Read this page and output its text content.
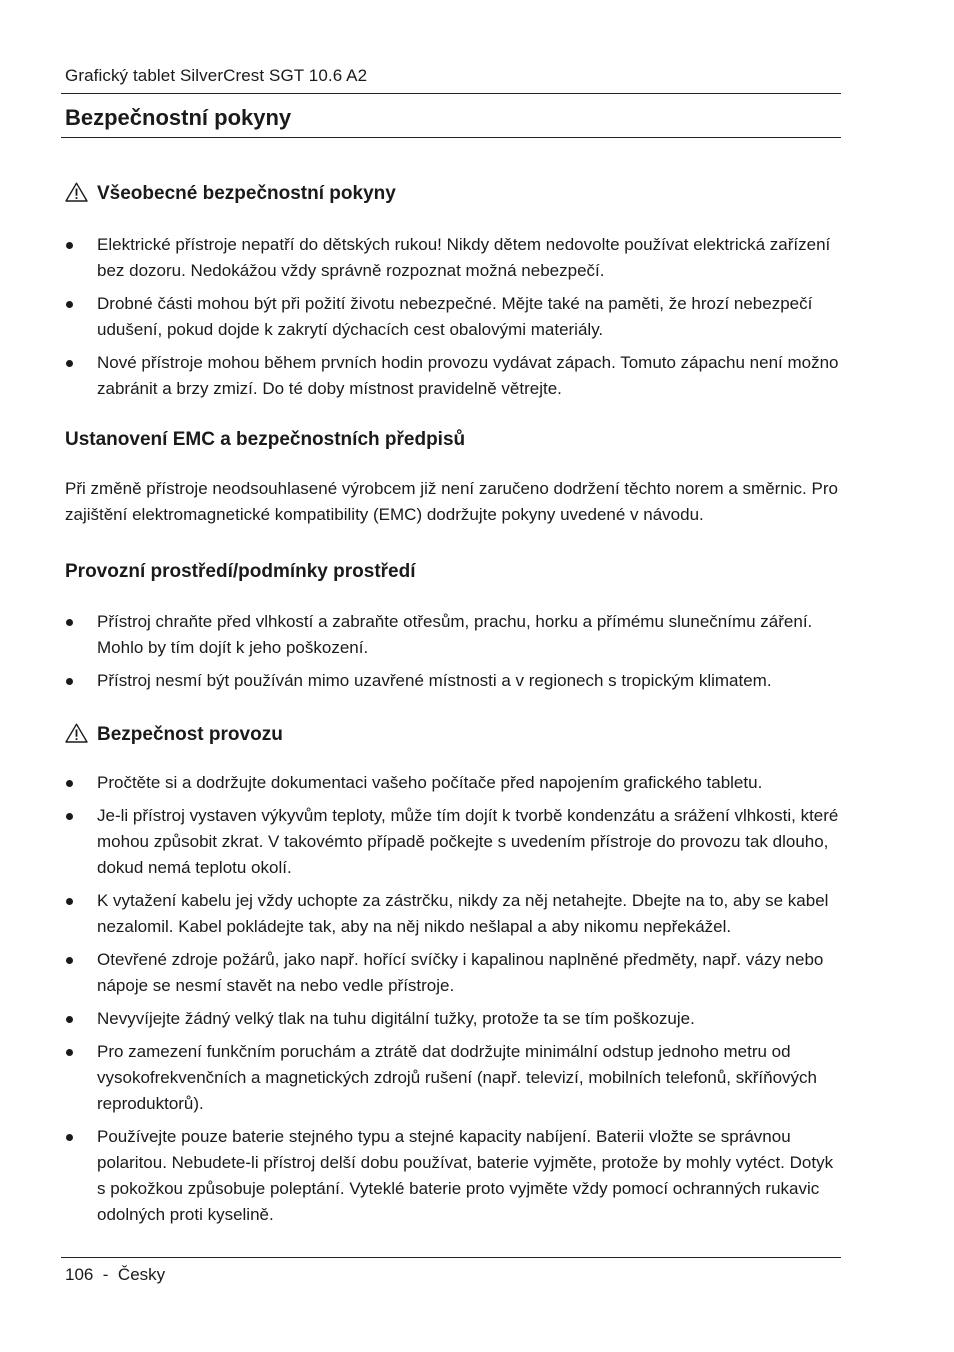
Grafický tablet SilverCrest SGT 10.6 A2
Bezpečnostní pokyny
Všeobecné bezpečnostní pokyny
Elektrické přístroje nepatří do dětských rukou! Nikdy dětem nedovolte používat elektrická zařízení bez dozoru. Nedokážou vždy správně rozpoznat možná nebezpečí.
Drobné části mohou být při požití životu nebezpečné. Mějte také na paměti, že hrozí nebezpečí udušení, pokud dojde k zakrytí dýchacích cest obalovými materiály.
Nové přístroje mohou během prvních hodin provozu vydávat zápach. Tomuto zápachu není možno zabránit a brzy zmizí. Do té doby místnost pravidelně větrejte.
Ustanovení EMC a bezpečnostních předpisů

Při změně přístroje neodsouhlasené výrobcem již není zaručeno dodržení těchto norem a směrnic. Pro zajištění elektromagnetické kompatibility (EMC) dodržujte pokyny uvedené v návodu.

Provozní prostředí/podmínky prostředí
Přístroj chraňte před vlhkostí a zabraňte otřesům, prachu, horku a přímému slunečnímu záření. Mohlo by tím dojít k jeho poškození.
Přístroj nesmí být používán mimo uzavřené místnosti a v regionech s tropickým klimatem.
Bezpečnost provozu
Pročtěte si a dodržujte dokumentaci vašeho počítače před napojením grafického tabletu.
Je-li přístroj vystaven výkyvům teploty, může tím dojít k tvorbě kondenzátu a srážení vlhkosti, které mohou způsobit zkrat. V takovémto případě počkejte s uvedením přístroje do provozu tak dlouho, dokud nemá teplotu okolí.
K vytažení kabelu jej vždy uchopte za zástrčku, nikdy za něj netahejte. Dbejte na to, aby se kabel nezalomil. Kabel pokládejte tak, aby na něj nikdo nešlapal a aby nikomu nepřekážel.
Otevřené zdroje požárů, jako např. hořící svíčky i kapalinou naplněné předměty, např. vázy nebo nápoje se nesmí stavět na nebo vedle přístroje.
Nevyvíjejte žádný velký tlak na tuhu digitální tužky, protože ta se tím poškozuje.
Pro zamezení funkčním poruchám a ztrátě dat dodržujte minimální odstup jednoho metru od vysokofrekvenčních a magnetických zdrojů rušení (např. televizí, mobilních telefonů, skříňových reproduktorů).
Používejte pouze baterie stejného typu a stejné kapacity nabíjení. Baterii vložte se správnou polaritou. Nebudete-li přístroj delší dobu používat, baterie vyjměte, protože by mohly vytéct. Dotyk s pokožkou způsobuje poleptání. Vyteklé baterie proto vyjměte vždy pomocí ochranných rukavic odolných proti kyselině.
106  -  Česky
